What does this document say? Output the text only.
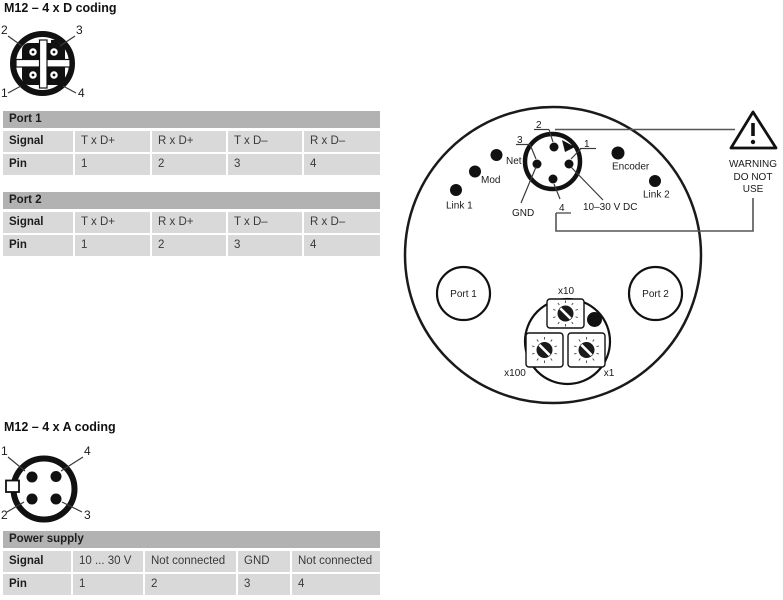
M12 – 4 x D coding
2	3
1	4
Port 1
Signal	T x D+	R x D+	T x D–	R x D–
Pin	1	2	3	4
Port 2
Signal	T x D+	R x D+	T x D–	R x D–
Pin	1	2	3	4
M12 – 4 x A coding
1	4
2	3
Power supply
Signal	10 ... 30 V	Not connected	GND	Not connected
Pin	1	2	3	4
Net
Mod
Link 1
Encoder
Link 2
2
3	1
4
GND
10–30 V DC
WARNING
DO NOT
USE
Port 1	Port 2
x10
x100	x1
